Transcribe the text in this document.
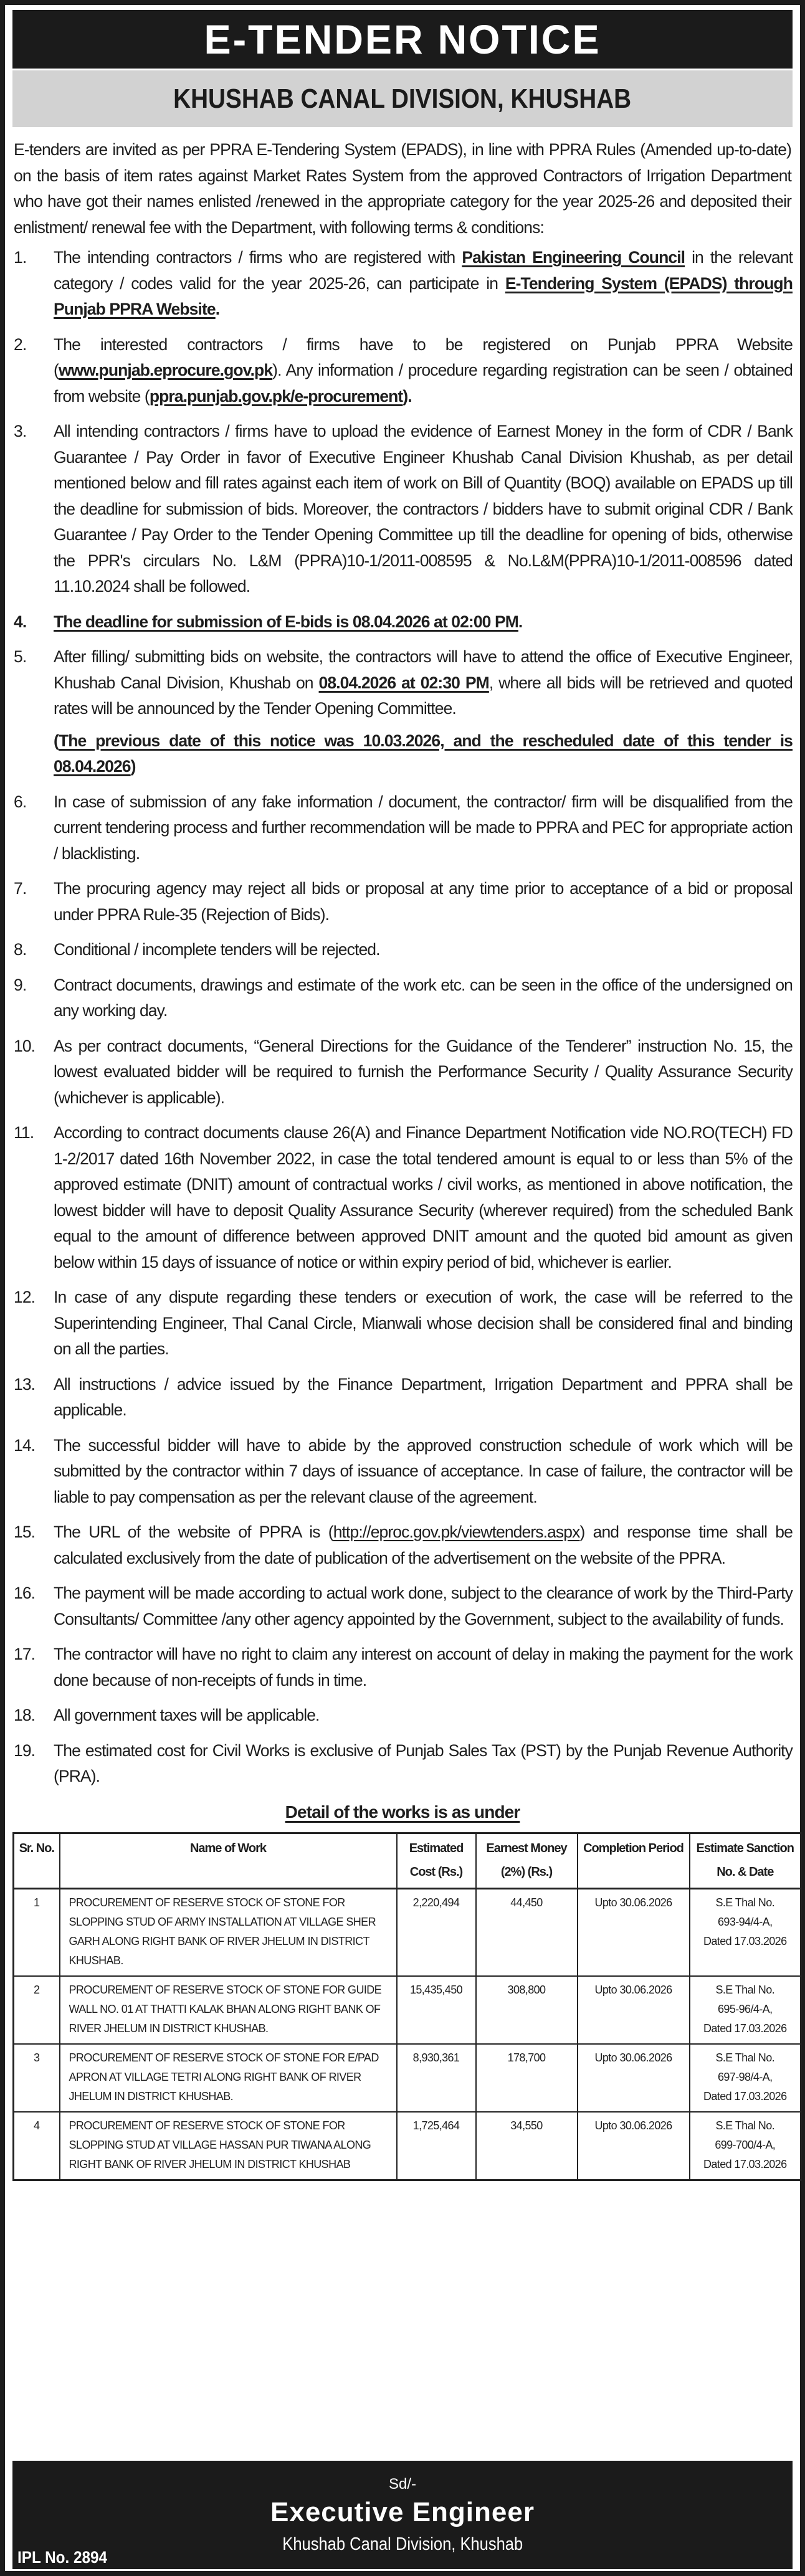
E-TENDER NOTICE
KHUSHAB CANAL DIVISION, KHUSHAB

E-tenders are invited as per PPRA E-Tendering System (EPADS), in line with PPRA Rules (Amended up-to-date) on the basis of item rates against Market Rates System from the approved Contractors of Irrigation Department who have got their names enlisted /renewed in the appropriate category for the year 2025-26 and deposited their enlistment/ renewal fee with the Department, with following terms & conditions:

1. The intending contractors / firms who are registered with Pakistan Engineering Council in the relevant category / codes valid for the year 2025-26, can participate in E-Tendering System (EPADS) through Punjab PPRA Website.
2. The interested contractors / firms have to be registered on Punjab PPRA Website (www.punjab.eprocure.gov.pk). Any information / procedure regarding registration can be seen / obtained from website (ppra.punjab.gov.pk/e-procurement).
3. All intending contractors / firms have to upload the evidence of Earnest Money in the form of CDR / Bank Guarantee / Pay Order in favor of Executive Engineer Khushab Canal Division Khushab, as per detail mentioned below and fill rates against each item of work on Bill of Quantity (BOQ) available on EPADS up till the deadline for submission of bids. Moreover, the contractors / bidders have to submit original CDR / Bank Guarantee / Pay Order to the Tender Opening Committee up till the deadline for opening of bids, otherwise the PPR's circulars No. L&M (PPRA)10-1/2011-008595 & No.L&M(PPRA)10-1/2011-008596 dated 11.10.2024 shall be followed.
4. The deadline for submission of E-bids is 08.04.2026 at 02:00 PM.
5. After filling/ submitting bids on website, the contractors will have to attend the office of Executive Engineer, Khushab Canal Division, Khushab on 08.04.2026 at 02:30 PM, where all bids will be retrieved and quoted rates will be announced by the Tender Opening Committee.
(The previous date of this notice was 10.03.2026, and the rescheduled date of this tender is 08.04.2026)
6. In case of submission of any fake information / document, the contractor/ firm will be disqualified from the current tendering process and further recommendation will be made to PPRA and PEC for appropriate action / blacklisting.
7. The procuring agency may reject all bids or proposal at any time prior to acceptance of a bid or proposal under PPRA Rule-35 (Rejection of Bids).
8. Conditional / incomplete tenders will be rejected.
9. Contract documents, drawings and estimate of the work etc. can be seen in the office of the undersigned on any working day.
10. As per contract documents, “General Directions for the Guidance of the Tenderer” instruction No. 15, the lowest evaluated bidder will be required to furnish the Performance Security / Quality Assurance Security (whichever is applicable).
11. According to contract documents clause 26(A) and Finance Department Notification vide NO.RO(TECH) FD 1-2/2017 dated 16th November 2022, in case the total tendered amount is equal to or less than 5% of the approved estimate (DNIT) amount of contractual works / civil works, as mentioned in above notification, the lowest bidder will have to deposit Quality Assurance Security (wherever required) from the scheduled Bank equal to the amount of difference between approved DNIT amount and the quoted bid amount as given below within 15 days of issuance of notice or within expiry period of bid, whichever is earlier.
12. In case of any dispute regarding these tenders or execution of work, the case will be referred to the Superintending Engineer, Thal Canal Circle, Mianwali whose decision shall be considered final and binding on all the parties.
13. All instructions / advice issued by the Finance Department, Irrigation Department and PPRA shall be applicable.
14. The successful bidder will have to abide by the approved construction schedule of work which will be submitted by the contractor within 7 days of issuance of acceptance. In case of failure, the contractor will be liable to pay compensation as per the relevant clause of the agreement.
15. The URL of the website of PPRA is (http://eproc.gov.pk/viewtenders.aspx) and response time shall be calculated exclusively from the date of publication of the advertisement on the website of the PPRA.
16. The payment will be made according to actual work done, subject to the clearance of work by the Third-Party Consultants/ Committee /any other agency appointed by the Government, subject to the availability of funds.
17. The contractor will have no right to claim any interest on account of delay in making the payment for the work done because of non-receipts of funds in time.
18. All government taxes will be applicable.
19. The estimated cost for Civil Works is exclusive of Punjab Sales Tax (PST) by the Punjab Revenue Authority (PRA).
Detail of the works is as under
Sr. No.	Name of Work	Estimated Cost (Rs.)	Earnest Money (2%) (Rs.)	Completion Period	Estimate Sanction No. & Date
1	PROCUREMENT OF RESERVE STOCK OF STONE FOR SLOPPING STUD OF ARMY INSTALLATION AT VILLAGE SHER GARH ALONG RIGHT BANK OF RIVER JHELUM IN DISTRICT KHUSHAB.	2,220,494	44,450	Upto 30.06.2026	S.E Thal No.
693-94/4-A,
Dated 17.03.2026

2	PROCUREMENT OF RESERVE STOCK OF STONE FOR GUIDE WALL NO. 01 AT THATTI KALAK BHAN ALONG RIGHT BANK OF RIVER JHELUM IN DISTRICT KHUSHAB.	15,435,450	308,800	Upto 30.06.2026	S.E Thal No.
695-96/4-A,
Dated 17.03.2026

3	PROCUREMENT OF RESERVE STOCK OF STONE FOR E/PAD APRON AT VILLAGE TETRI ALONG RIGHT BANK OF RIVER JHELUM IN DISTRICT KHUSHAB.	8,930,361	178,700	Upto 30.06.2026	S.E Thal No.
697-98/4-A,
Dated 17.03.2026

4	PROCUREMENT OF RESERVE STOCK OF STONE FOR SLOPPING STUD AT VILLAGE HASSAN PUR TIWANA ALONG RIGHT BANK OF RIVER JHELUM IN DISTRICT KHUSHAB	1,725,464	34,550	Upto 30.06.2026	S.E Thal No.
699-700/4-A,
Dated 17.03.2026
Sd/-
Executive Engineer
Khushab Canal Division, Khushab
IPL No. 2894
